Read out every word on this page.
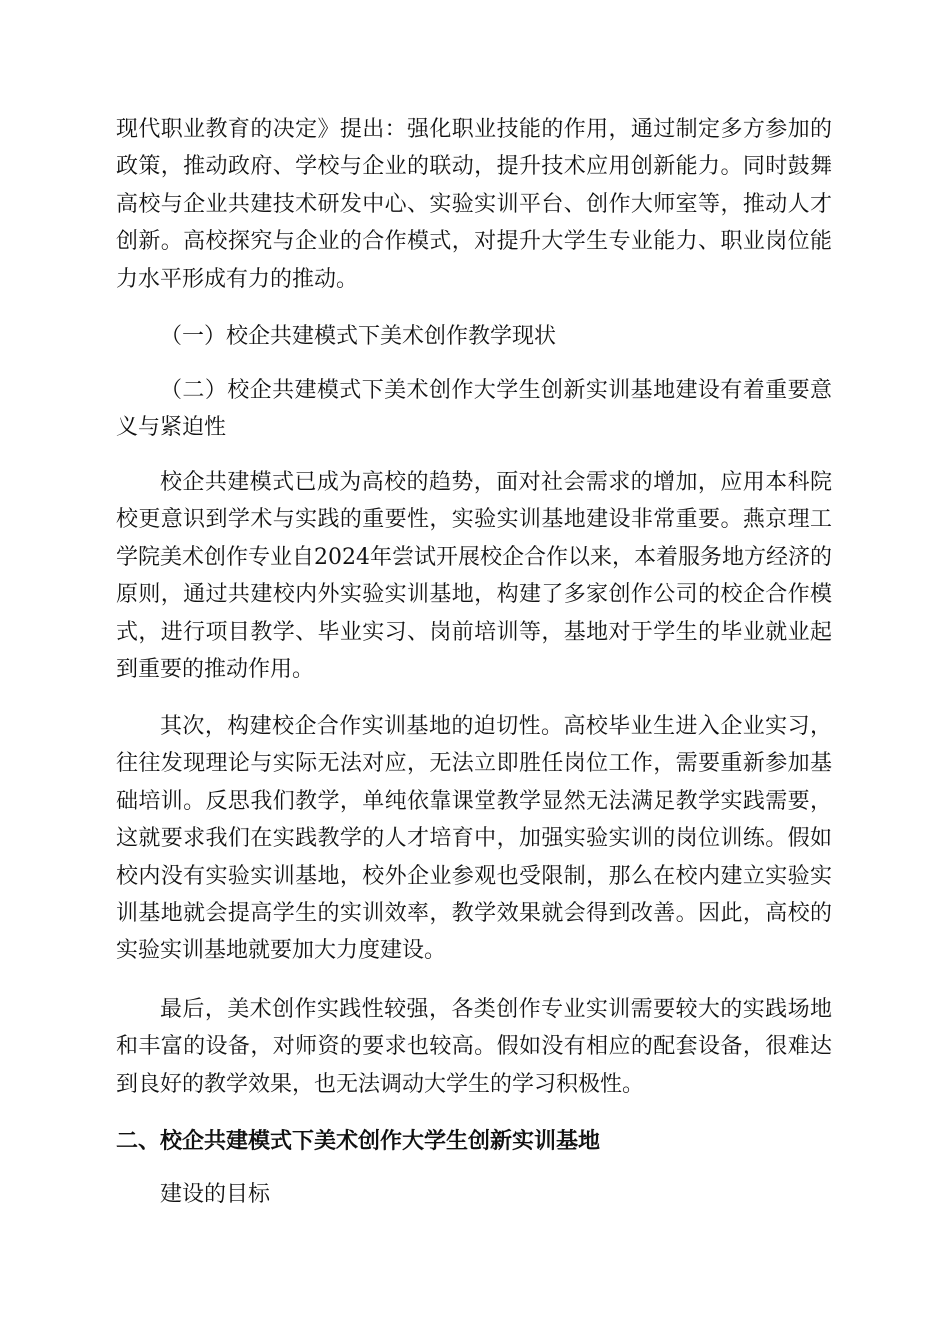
现代职业教育的决定》提出：强化职业技能的作用，通过制定多方参加的政策，推动政府、学校与企业的联动，提升技术应用创新能力。同时鼓舞高校与企业共建技术研发中心、实验实训平台、创作大师室等，推动人才创新。高校探究与企业的合作模式，对提升大学生专业能力、职业岗位能力水平形成有力的推动。

（一）校企共建模式下美术创作教学现状

（二）校企共建模式下美术创作大学生创新实训基地建设有着重要意义与紧迫性

校企共建模式已成为高校的趋势，面对社会需求的增加，应用本科院校更意识到学术与实践的重要性，实验实训基地建设非常重要。燕京理工学院美术创作专业自2024年尝试开展校企合作以来，本着服务地方经济的原则，通过共建校内外实验实训基地，构建了多家创作公司的校企合作模式，进行项目教学、毕业实习、岗前培训等，基地对于学生的毕业就业起到重要的推动作用。

其次，构建校企合作实训基地的迫切性。高校毕业生进入企业实习，往往发现理论与实际无法对应，无法立即胜任岗位工作，需要重新参加基础培训。反思我们教学，单纯依靠课堂教学显然无法满足教学实践需要，这就要求我们在实践教学的人才培育中，加强实验实训的岗位训练。假如校内没有实验实训基地，校外企业参观也受限制，那么在校内建立实验实训基地就会提高学生的实训效率，教学效果就会得到改善。因此，高校的实验实训基地就要加大力度建设。

最后，美术创作实践性较强，各类创作专业实训需要较大的实践场地和丰富的设备，对师资的要求也较高。假如没有相应的配套设备，很难达到良好的教学效果，也无法调动大学生的学习积极性。

二、校企共建模式下美术创作大学生创新实训基地

建设的目标
